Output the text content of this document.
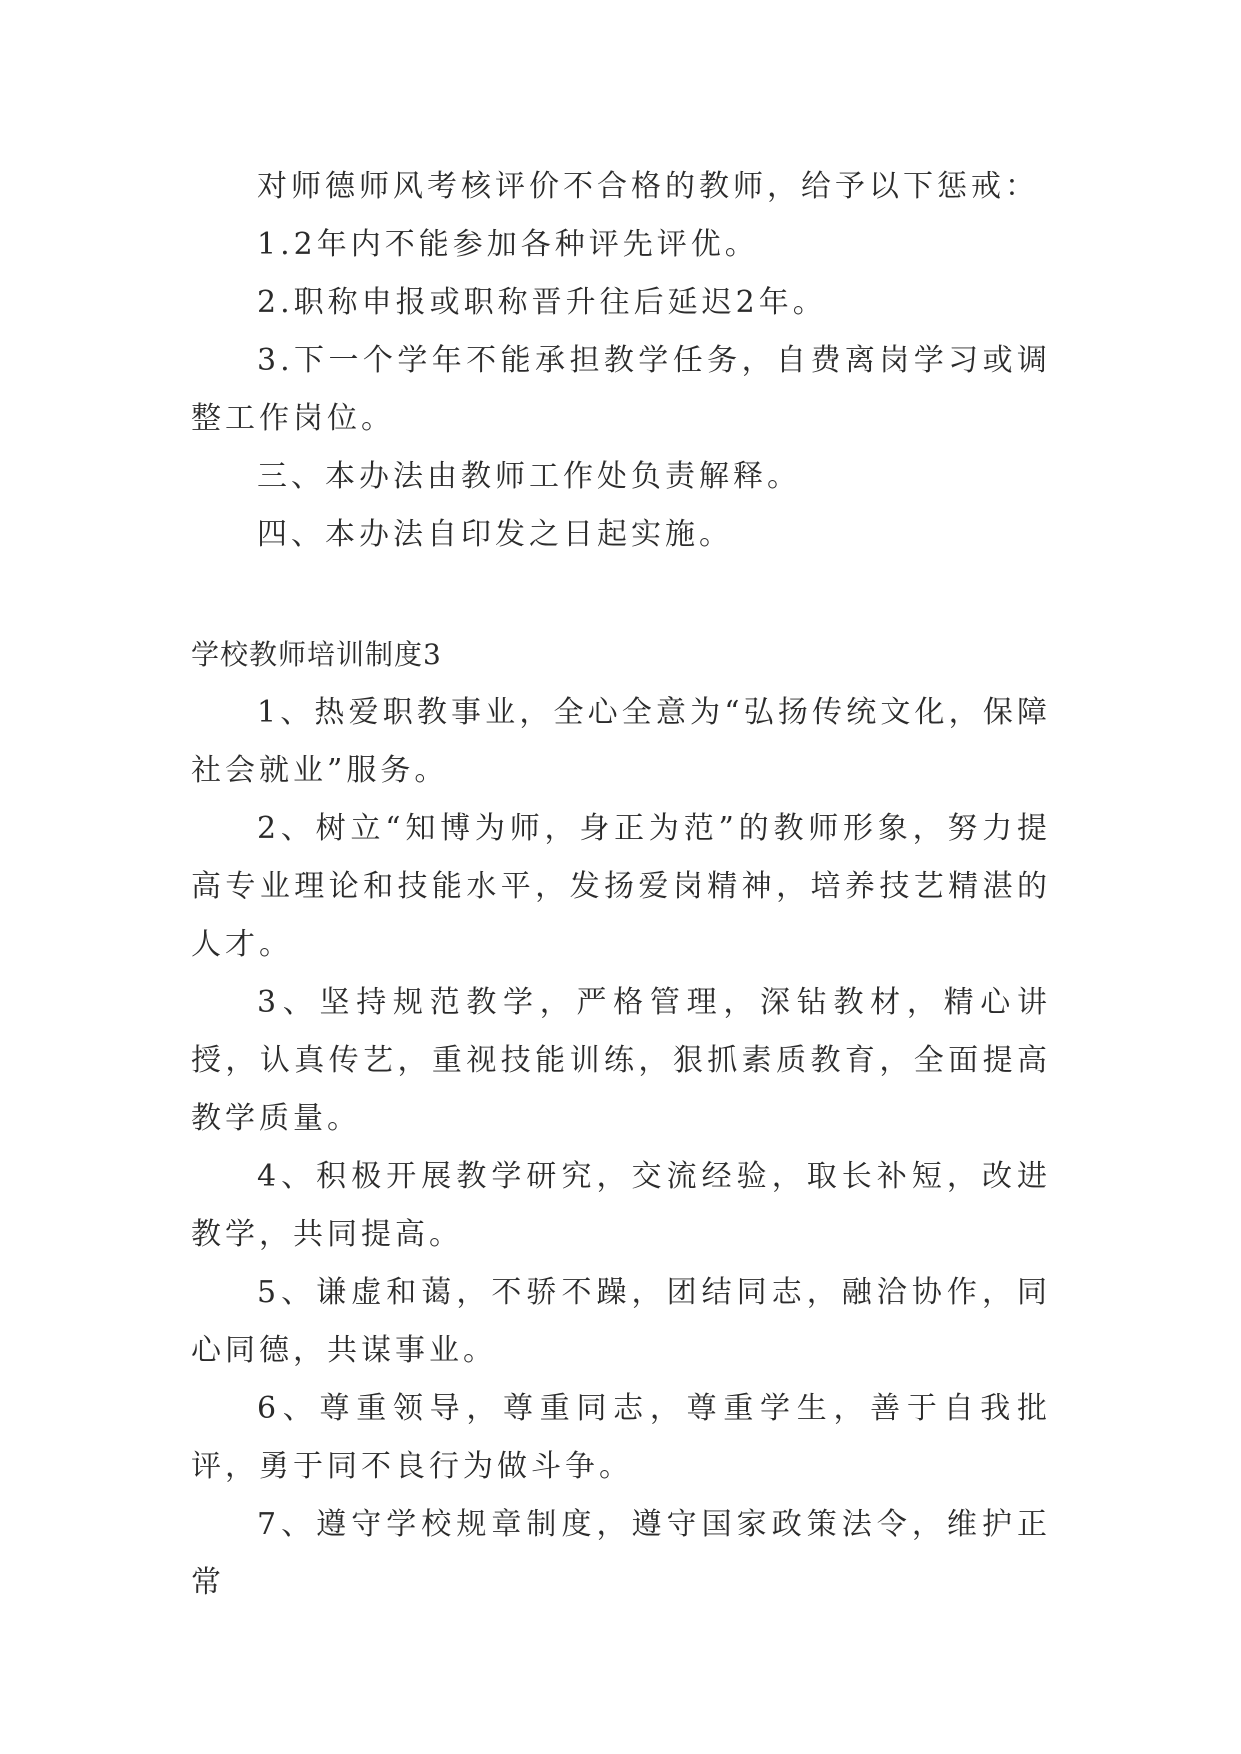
对师德师风考核评价不合格的教师，给予以下惩戒：

1.2年内不能参加各种评先评优。

2.职称申报或职称晋升往后延迟2年。

3.下一个学年不能承担教学任务，自费离岗学习或调整工作岗位。

三、本办法由教师工作处负责解释。

四、本办法自印发之日起实施。

学校教师培训制度3

1、热爱职教事业，全心全意为“弘扬传统文化，保障社会就业”服务。

2、树立“知博为师，身正为范”的教师形象，努力提高专业理论和技能水平，发扬爱岗精神，培养技艺精湛的人才。

3、坚持规范教学，严格管理，深钻教材，精心讲授，认真传艺，重视技能训练，狠抓素质教育，全面提高教学质量。

4、积极开展教学研究，交流经验，取长补短，改进教学，共同提高。

5、谦虚和蔼，不骄不躁，团结同志，融洽协作，同心同德，共谋事业。

6、尊重领导，尊重同志，尊重学生，善于自我批评，勇于同不良行为做斗争。

7、遵守学校规章制度，遵守国家政策法令，维护正常
